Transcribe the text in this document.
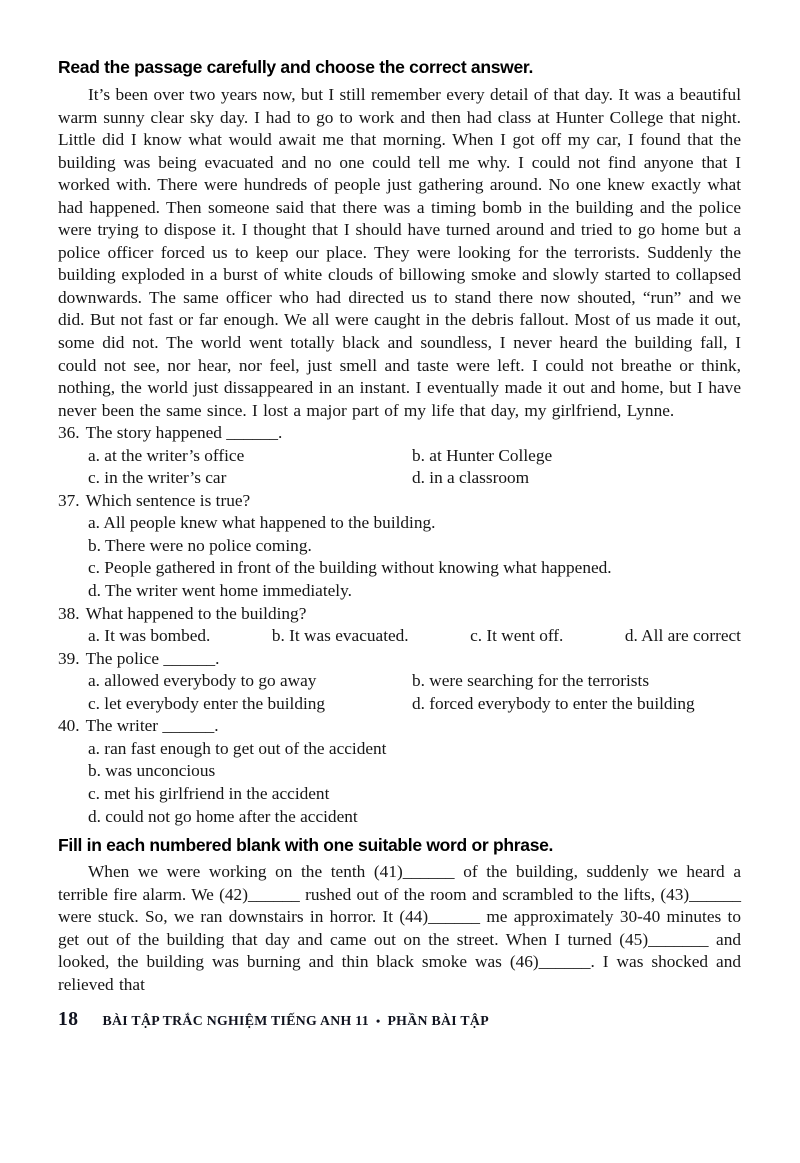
Read the passage carefully and choose the correct answer.

It’s been over two years now, but I still remember every detail of that day. It was a beautiful warm sunny clear sky day. I had to go to work and then had class at Hunter College that night. Little did I know what would await me that morning. When I got off my car, I found that the building was being evacuated and no one could tell me why. I could not find anyone that I worked with. There were hundreds of people just gathering around. No one knew exactly what had happened. Then someone said that there was a timing bomb in the building and the police were trying to dispose it. I thought that I should have turned around and tried to go home but a police officer forced us to keep our place. They were looking for the terrorists. Suddenly the building exploded in a burst of white clouds of billowing smoke and slowly started to collapsed downwards. The same officer who had directed us to stand there now shouted, “run” and we did. But not fast or far enough. We all were caught in the debris fallout. Most of us made it out, some did not. The world went totally black and soundless, I never heard the building fall, I could not see, nor hear, nor feel, just smell and taste were left. I could not breathe or think, nothing, the world just dissappeared in an instant. I eventually made it out and home, but I have never been the same since. I lost a major part of my life that day, my girlfriend, Lynne.

36. The story happened ______.
a. at the writer’s office	b. at Hunter College
c. in the writer’s car	d. in a classroom
37. Which sentence is true?
a. All people knew what happened to the building.
b. There were no police coming.
c. People gathered in front of the building without knowing what happened.
d. The writer went home immediately.
38. What happened to the building?
a. It was bombed.	b. It was evacuated.	c. It went off.	d. All are correct
39. The police ______.
a. allowed everybody to go away	b. were searching for the terrorists
c. let everybody enter the building	d. forced everybody to enter the building
40. The writer ______.
a. ran fast enough to get out of the accident
b. was unconcious
c. met his girlfriend in the accident
d. could not go home after the accident
Fill in each numbered blank with one suitable word or phrase.

When we were working on the tenth (41)______ of the building, suddenly we heard a terrible fire alarm. We (42)______ rushed out of the room and scrambled to the lifts, (43)______ were stuck. So, we ran downstairs in horror. It (44)______ me approximately 30-40 minutes to get out of the building that day and came out on the street. When I turned (45)_______ and looked, the building was burning and thin black smoke was (46)______. I was shocked and relieved that

18 BÀI TẬP TRẮC NGHIỆM TIẾNG ANH 11 • PHẦN BÀI TẬP
